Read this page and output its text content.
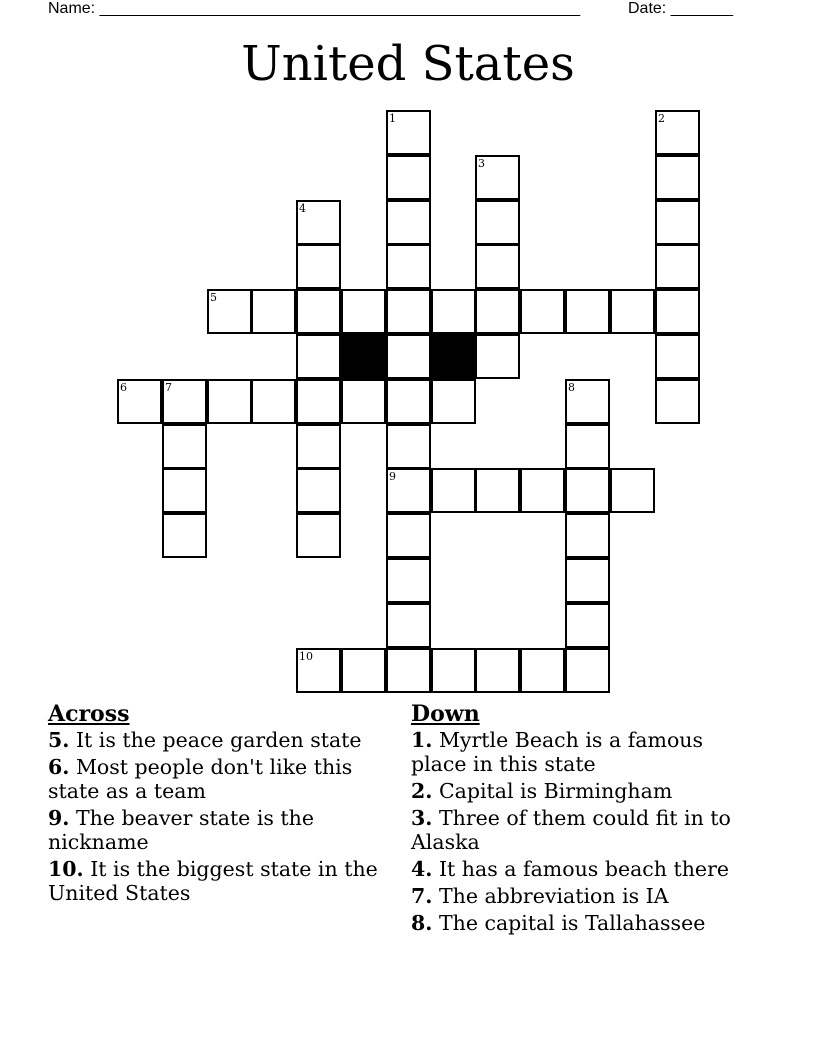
Name: ______________________________________________________	Date: _______
United States
1	2
3
4
5
6	7	8
9
10
Across
5. It is the peace garden state
6. Most people don't like this state as a team
9. The beaver state is the nickname
10. It is the biggest state in the United States
Down
1. Myrtle Beach is a famous place in this state
2. Capital is Birmingham
3. Three of them could fit in to Alaska
4. It has a famous beach there
7. The abbreviation is IA
8. The capital is Tallahassee
